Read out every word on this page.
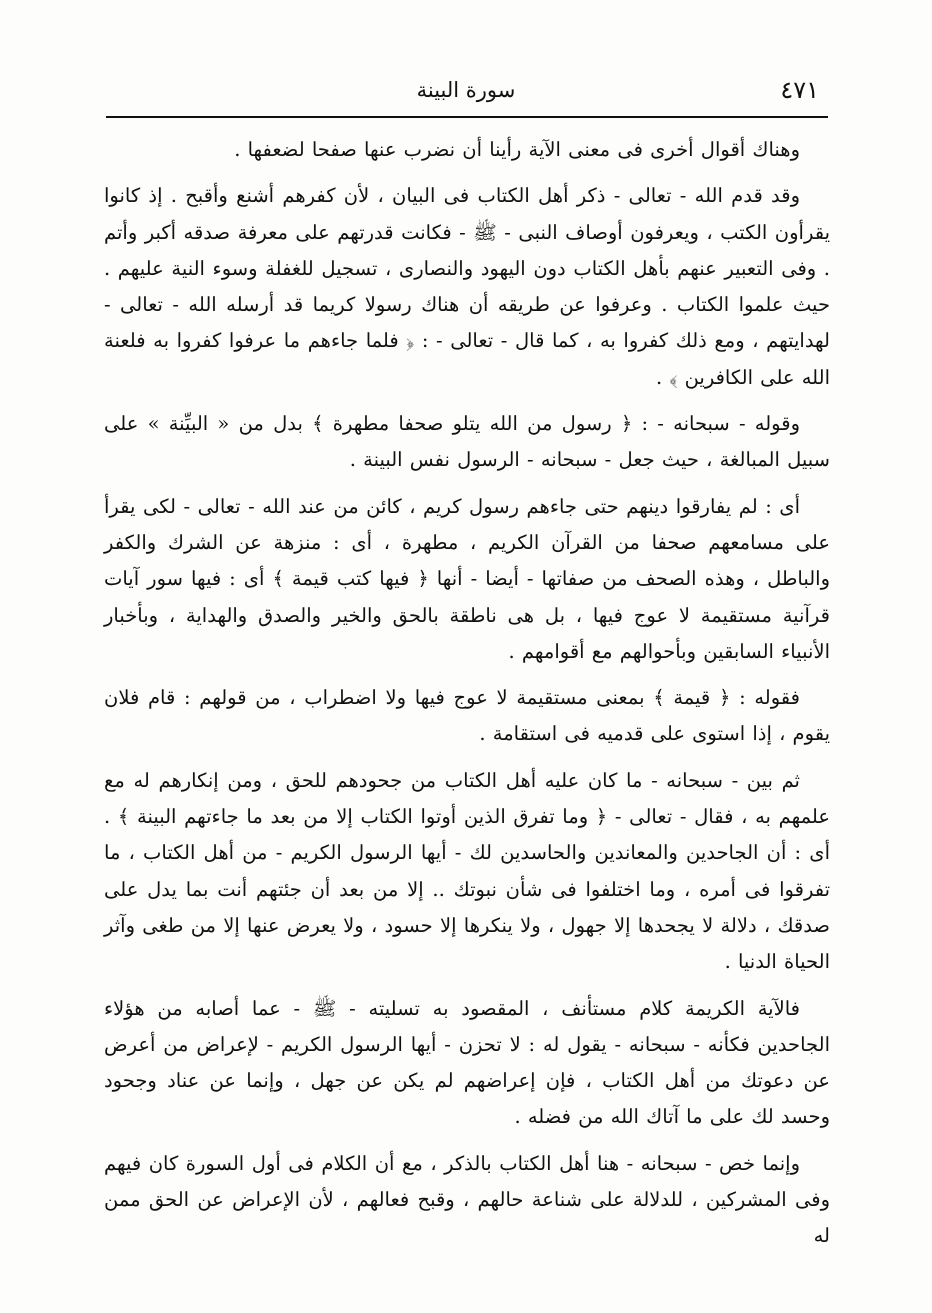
٤٧١
سورة البينة

وهناك أقوال أخرى فى معنى الآية رأينا أن نضرب عنها صفحا لضعفها .

وقد قدم الله - تعالى - ذكر أهل الكتاب فى البيان ، لأن كفرهم أشنع وأقبح . إذ كانوا يقرأون الكتب ، ويعرفون أوصاف النبى - ﷺ - فكانت قدرتهم على معرفة صدقه أكبر وأتم . وفى التعبير عنهم بأهل الكتاب دون اليهود والنصارى ، تسجيل للغفلة وسوء النية عليهم . حيث علموا الكتاب . وعرفوا عن طريقه أن هناك رسولا كريما قد أرسله الله - تعالى - لهدايتهم ، ومع ذلك كفروا به ، كما قال - تعالى - : ﴿ فلما جاءهم ما عرفوا كفروا به فلعنة الله على الكافرين ﴾ .

وقوله - سبحانه - : ﴿ رسول من الله يتلو صحفا مطهرة ﴾ بدل من « البيِّنة » على سبيل المبالغة ، حيث جعل - سبحانه - الرسول نفس البينة .

أى : لم يفارقوا دينهم حتى جاءهم رسول كريم ، كائن من عند الله - تعالى - لكى يقرأ على مسامعهم صحفا من القرآن الكريم ، مطهرة ، أى : منزهة عن الشرك والكفر والباطل ، وهذه الصحف من صفاتها - أيضا - أنها ﴿ فيها كتب قيمة ﴾ أى : فيها سور آيات قرآنية مستقيمة لا عوج فيها ، بل هى ناطقة بالحق والخير والصدق والهداية ، وبأخبار الأنبياء السابقين وبأحوالهم مع أقوامهم .

فقوله : ﴿ قيمة ﴾ بمعنى مستقيمة لا عوج فيها ولا اضطراب ، من قولهم : قام فلان يقوم ، إذا استوى على قدميه فى استقامة .

ثم بين - سبحانه - ما كان عليه أهل الكتاب من جحودهم للحق ، ومن إنكارهم له مع علمهم به ، فقال - تعالى - ﴿ وما تفرق الذين أوتوا الكتاب إلا من بعد ما جاءتهم البينة ﴾ . أى : أن الجاحدين والمعاندين والحاسدين لك - أيها الرسول الكريم - من أهل الكتاب ، ما تفرقوا فى أمره ، وما اختلفوا فى شأن نبوتك .. إلا من بعد أن جئتهم أنت بما يدل على صدقك ، دلالة لا يجحدها إلا جهول ، ولا ينكرها إلا حسود ، ولا يعرض عنها إلا من طغى وآثر الحياة الدنيا .

فالآية الكريمة كلام مستأنف ، المقصود به تسليته - ﷺ - عما أصابه من هؤلاء الجاحدين فكأنه - سبحانه - يقول له : لا تحزن - أيها الرسول الكريم - لإعراض من أعرض عن دعوتك من أهل الكتاب ، فإن إعراضهم لم يكن عن جهل ، وإنما عن عناد وجحود وحسد لك على ما آتاك الله من فضله .

وإنما خص - سبحانه - هنا أهل الكتاب بالذكر ، مع أن الكلام فى أول السورة كان فيهم وفى المشركين ، للدلالة على شناعة حالهم ، وقبح فعالهم ، لأن الإعراض عن الحق ممن له
